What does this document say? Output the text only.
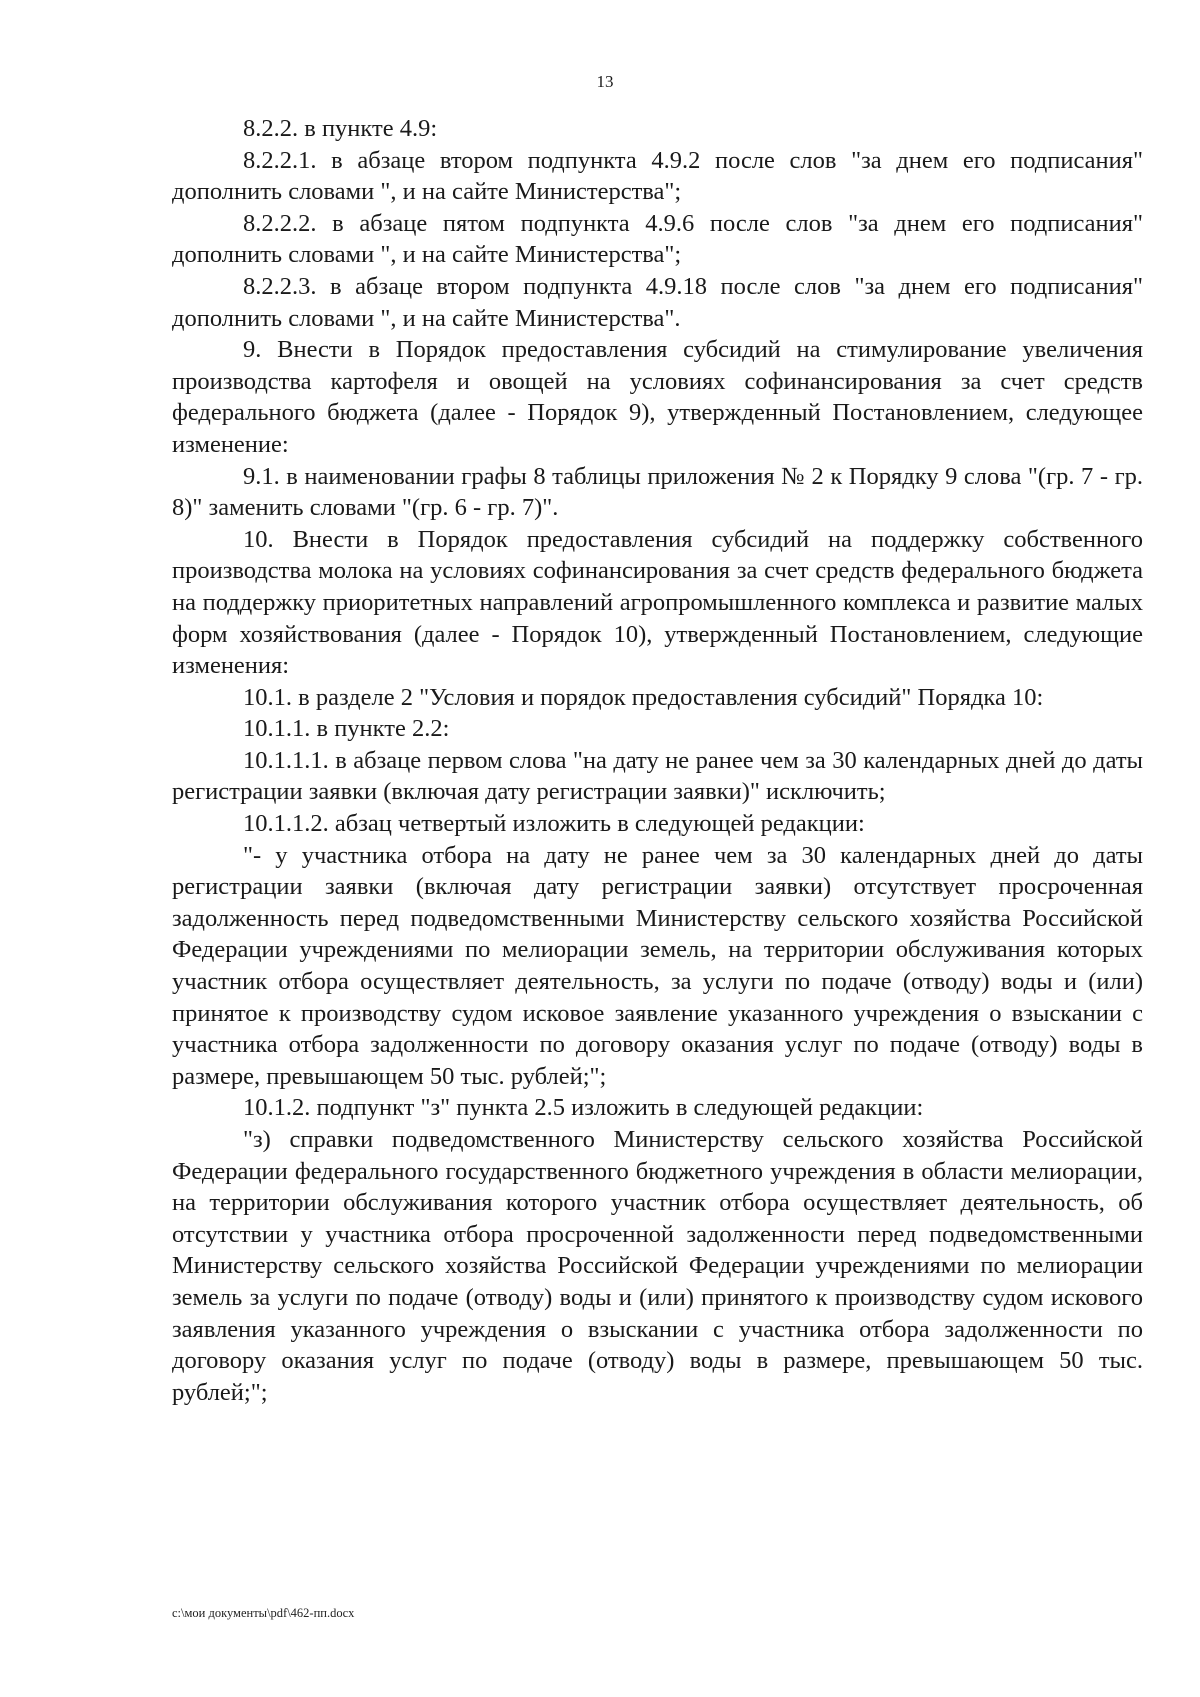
13

8.2.2. в пункте 4.9:

8.2.2.1. в абзаце втором подпункта 4.9.2 после слов "за днем его подписания" дополнить словами ", и на сайте Министерства";

8.2.2.2. в абзаце пятом подпункта 4.9.6 после слов "за днем его подписания" дополнить словами ", и на сайте Министерства";

8.2.2.3. в абзаце втором подпункта 4.9.18 после слов "за днем его подписания" дополнить словами ", и на сайте Министерства".

9. Внести в Порядок предоставления субсидий на стимулирование увеличения производства картофеля и овощей на условиях софинансирования за счет средств федерального бюджета (далее - Порядок 9), утвержденный Постановлением, следующее изменение:

9.1. в наименовании графы 8 таблицы приложения № 2 к Порядку 9 слова "(гр. 7 - гр. 8)" заменить словами "(гр. 6 - гр. 7)".

10. Внести в Порядок предоставления субсидий на поддержку собственного производства молока на условиях софинансирования за счет средств федерального бюджета на поддержку приоритетных направлений агропромышленного комплекса и развитие малых форм хозяйствования (далее - Порядок 10), утвержденный Постановлением, следующие изменения:

10.1. в разделе 2 "Условия и порядок предоставления субсидий" Порядка 10:

10.1.1. в пункте 2.2:

10.1.1.1. в абзаце первом слова "на дату не ранее чем за 30 календарных дней до даты регистрации заявки (включая дату регистрации заявки)" исключить;

10.1.1.2. абзац четвертый изложить в следующей редакции:

"- у участника отбора на дату не ранее чем за 30 календарных дней до даты регистрации заявки (включая дату регистрации заявки) отсутствует просроченная задолженность перед подведомственными Министерству сельского хозяйства Российской Федерации учреждениями по мелиорации земель, на территории обслуживания которых участник отбора осуществляет деятельность, за услуги по подаче (отводу) воды и (или) принятое к производству судом исковое заявление указанного учреждения о взыскании с участника отбора задолженности по договору оказания услуг по подаче (отводу) воды в размере, превышающем 50 тыс. рублей;";

10.1.2. подпункт "з" пункта 2.5 изложить в следующей редакции:

"з) справки подведомственного Министерству сельского хозяйства Российской Федерации федерального государственного бюджетного учреждения в области мелиорации, на территории обслуживания которого участник отбора осуществляет деятельность, об отсутствии у участника отбора просроченной задолженности перед подведомственными Министерству сельского хозяйства Российской Федерации учреждениями по мелиорации земель за услуги по подаче (отводу) воды и (или) принятого к производству судом искового заявления указанного учреждения о взыскании с участника отбора задолженности по договору оказания услуг по подаче (отводу) воды в размере, превышающем 50 тыс. рублей;";

c:\мои документы\pdf\462-пп.docx
